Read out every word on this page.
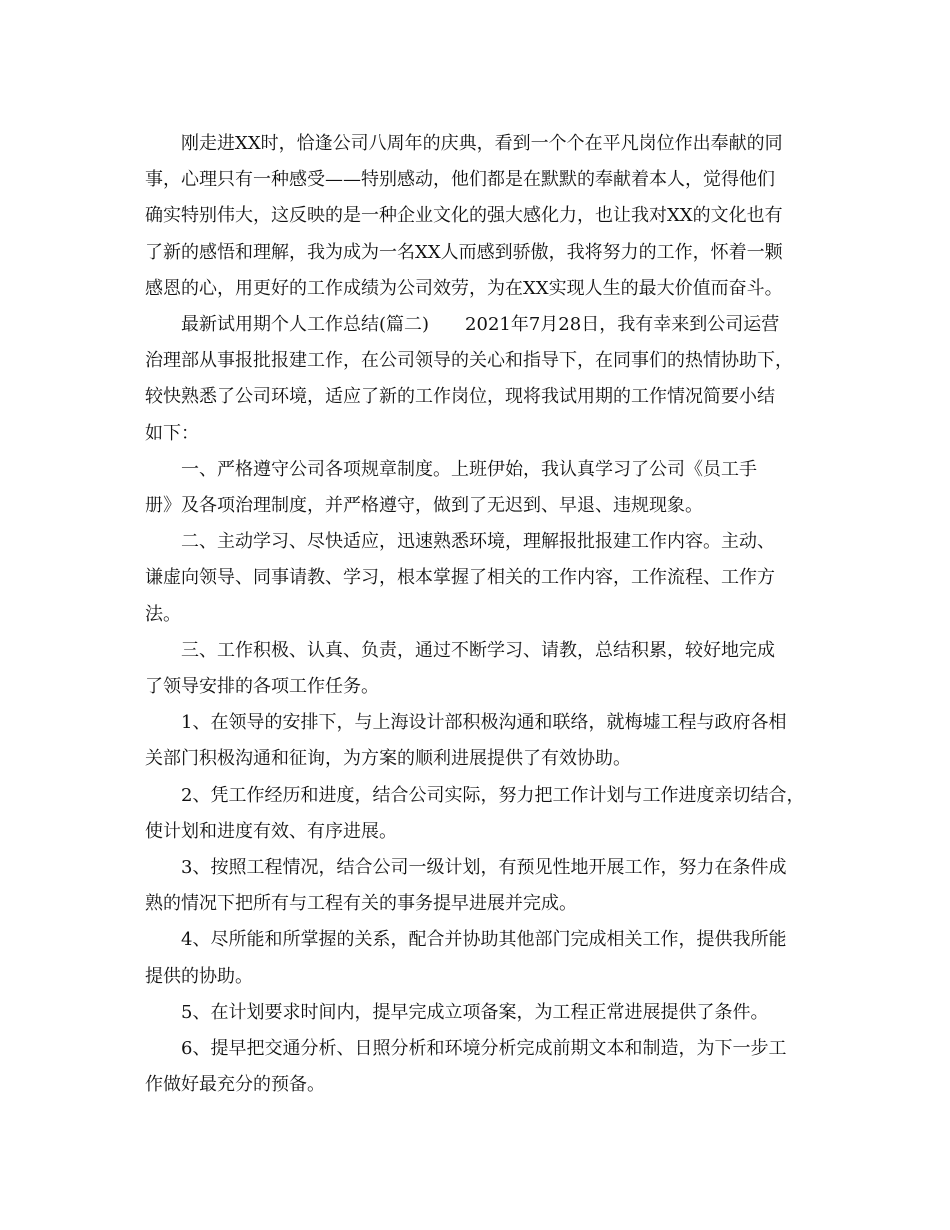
刚走进XX时，恰逢公司八周年的庆典，看到一个个在平凡岗位作出奉献的同
事，心理只有一种感受——特别感动，他们都是在默默的奉献着本人，觉得他们
确实特别伟大，这反映的是一种企业文化的强大感化力，也让我对XX的文化也有
了新的感悟和理解，我为成为一名XX人而感到骄傲，我将努力的工作，怀着一颗
感恩的心，用更好的工作成绩为公司效劳，为在XX实现人生的最大价值而奋斗。

最新试用期个人工作总结(篇二)　　2021年7月28日，我有幸来到公司运营
治理部从事报批报建工作，在公司领导的关心和指导下，在同事们的热情协助下，
较快熟悉了公司环境，适应了新的工作岗位，现将我试用期的工作情况简要小结
如下：

一、严格遵守公司各项规章制度。上班伊始，我认真学习了公司《员工手
册》及各项治理制度，并严格遵守，做到了无迟到、早退、违规现象。

二、主动学习、尽快适应，迅速熟悉环境，理解报批报建工作内容。主动、
谦虚向领导、同事请教、学习，根本掌握了相关的工作内容，工作流程、工作方
法。

三、工作积极、认真、负责，通过不断学习、请教，总结积累，较好地完成
了领导安排的各项工作任务。

1、在领导的安排下，与上海设计部积极沟通和联络，就梅墟工程与政府各相
关部门积极沟通和征询，为方案的顺利进展提供了有效协助。

2、凭工作经历和进度，结合公司实际，努力把工作计划与工作进度亲切结合，
使计划和进度有效、有序进展。

3、按照工程情况，结合公司一级计划，有预见性地开展工作，努力在条件成
熟的情况下把所有与工程有关的事务提早进展并完成。

4、尽所能和所掌握的关系，配合并协助其他部门完成相关工作，提供我所能
提供的协助。

5、在计划要求时间内，提早完成立项备案，为工程正常进展提供了条件。

6、提早把交通分析、日照分析和环境分析完成前期文本和制造，为下一步工
作做好最充分的预备。
